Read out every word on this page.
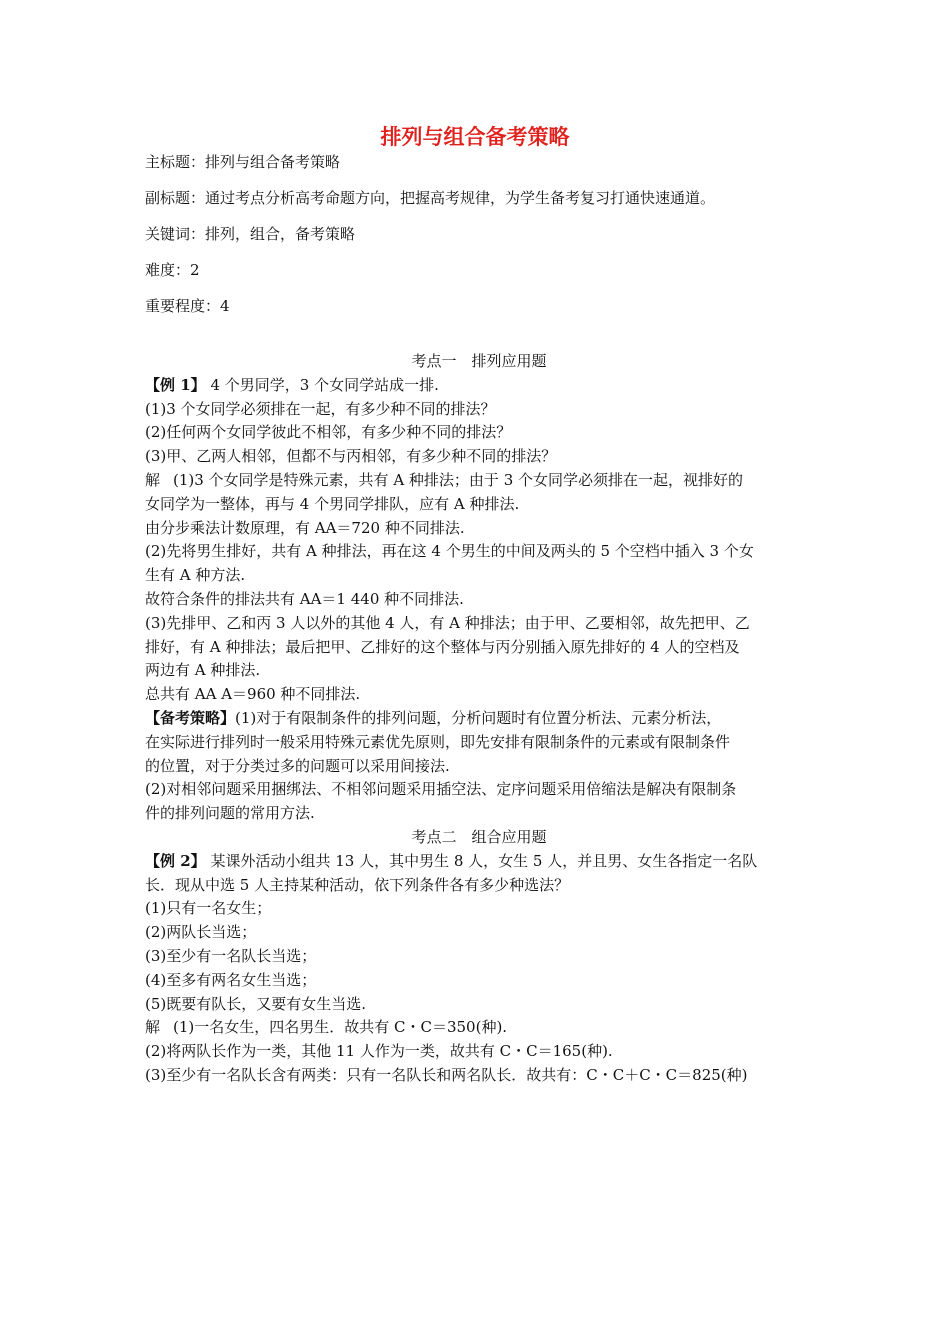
排列与组合备考策略
主标题：排列与组合备考策略
副标题：通过考点分析高考命题方向，把握高考规律，为学生备考复习打通快速通道。
关键词：排列，组合，备考策略
难度：2
重要程度：4
考点一　排列应用题
【例 1】 4 个男同学，3 个女同学站成一排.
(1)3 个女同学必须排在一起，有多少种不同的排法？
(2)任何两个女同学彼此不相邻，有多少种不同的排法？
(3)甲、乙两人相邻，但都不与丙相邻，有多少种不同的排法？
解 (1)3 个女同学是特殊元素，共有 A 种排法；由于 3 个女同学必须排在一起，视排好的
女同学为一整体，再与 4 个男同学排队，应有 A 种排法.
由分步乘法计数原理，有 AA＝720 种不同排法.
(2)先将男生排好，共有 A 种排法，再在这 4 个男生的中间及两头的 5 个空档中插入 3 个女
生有 A 种方法.
故符合条件的排法共有 AA＝1 440 种不同排法.
(3)先排甲、乙和丙 3 人以外的其他 4 人，有 A 种排法；由于甲、乙要相邻，故先把甲、乙
排好，有 A 种排法；最后把甲、乙排好的这个整体与丙分别插入原先排好的 4 人的空档及
两边有 A 种排法.
总共有 AA A＝960 种不同排法.
【备考策略】(1)对于有限制条件的排列问题，分析问题时有位置分析法、元素分析法，
在实际进行排列时一般采用特殊元素优先原则，即先安排有限制条件的元素或有限制条件
的位置，对于分类过多的问题可以采用间接法.
(2)对相邻问题采用捆绑法、不相邻问题采用插空法、定序问题采用倍缩法是解决有限制条
件的排列问题的常用方法.
考点二　组合应用题
【例 2】 某课外活动小组共 13 人，其中男生 8 人，女生 5 人，并且男、女生各指定一名队
长．现从中选 5 人主持某种活动，依下列条件各有多少种选法？
(1)只有一名女生；
(2)两队长当选；
(3)至少有一名队长当选；
(4)至多有两名女生当选；
(5)既要有队长，又要有女生当选.
解 (1)一名女生，四名男生．故共有 C・C＝350(种).
(2)将两队长作为一类，其他 11 人作为一类，故共有 C・C＝165(种).
(3)至少有一名队长含有两类：只有一名队长和两名队长．故共有：C・C＋C・C＝825(种)
